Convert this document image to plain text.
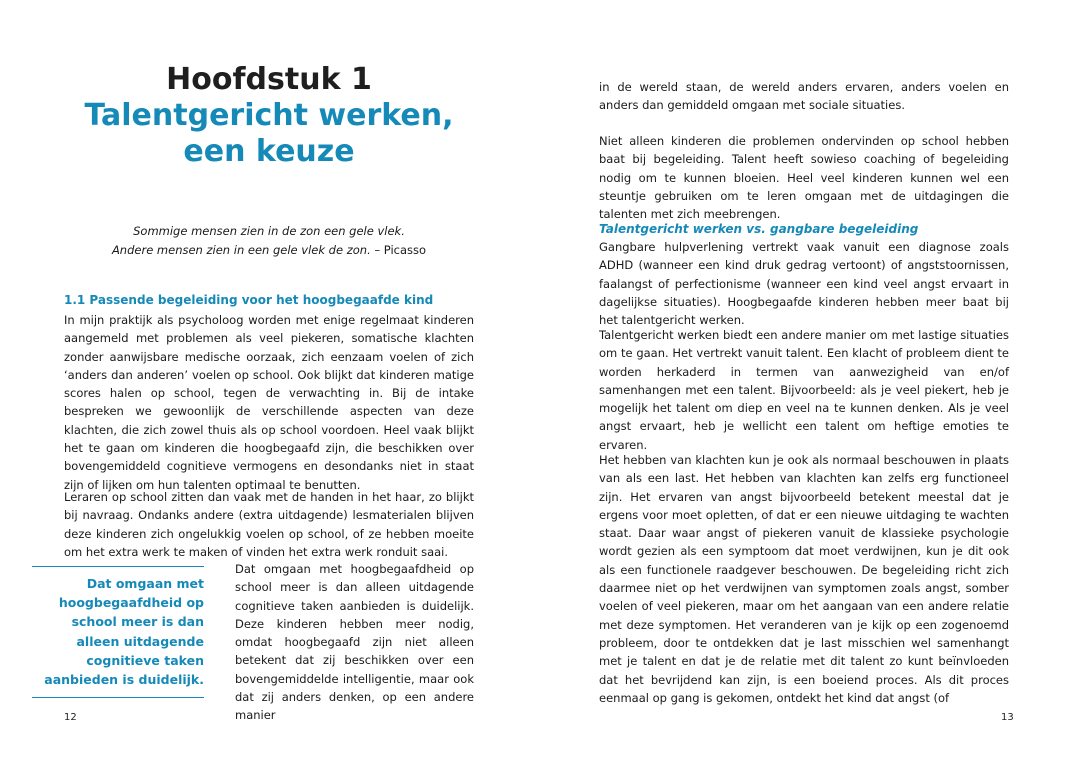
Hoofdstuk 1
Talentgericht werken, een keuze

Sommige mensen zien in de zon een gele vlek.
Andere mensen zien in een gele vlek de zon. – Picasso

1.1 Passende begeleiding voor het hoogbegaafde kind

In mijn praktijk als psycholoog worden met enige regelmaat kinderen aangemeld met problemen als veel piekeren, somatische klachten zonder aanwijsbare medische oorzaak, zich eenzaam voelen of zich ‘anders dan anderen’ voelen op school. Ook blijkt dat kinderen matige scores halen op school, tegen de verwachting in. Bij de intake bespreken we gewoonlijk de verschillende aspecten van deze klachten, die zich zowel thuis als op school voordoen. Heel vaak blijkt het te gaan om kinderen die hoogbegaafd zijn, die beschikken over bovengemiddeld cognitieve vermogens en desondanks niet in staat zijn of lijken om hun talenten optimaal te benutten.

Leraren op school zitten dan vaak met de handen in het haar, zo blijkt bij navraag. Ondanks andere (extra uitdagende) lesmaterialen blijven deze kinderen zich ongelukkig voelen op school, of ze hebben moeite om het extra werk te maken of vinden het extra werk ronduit saai.

Dat omgaan met hoogbegaafdheid op school meer is dan alleen uitdagende cognitieve taken aanbieden is duidelijk. Deze kinderen hebben meer nodig, omdat hoogbegaafd zijn niet alleen betekent dat zij beschikken over een bovengemiddelde intelligentie, maar ook dat zij anders denken, op een andere manier

Dat omgaan met hoogbegaafdheid op school meer is dan alleen uitdagende cognitieve taken aanbieden is duidelijk.

12

in de wereld staan, de wereld anders ervaren, anders voelen en anders dan gemiddeld omgaan met sociale situaties.

Niet alleen kinderen die problemen ondervinden op school hebben baat bij begeleiding. Talent heeft sowieso coaching of begeleiding nodig om te kunnen bloeien. Heel veel kinderen kunnen wel een steuntje gebruiken om te leren omgaan met de uitdagingen die talenten met zich meebrengen.

Talentgericht werken vs. gangbare begeleiding

Gangbare hulpverlening vertrekt vaak vanuit een diagnose zoals ADHD (wanneer een kind druk gedrag vertoont) of angststoornissen, faalangst of perfectionisme (wanneer een kind veel angst ervaart in dagelijkse situaties). Hoogbegaafde kinderen hebben meer baat bij het talentgericht werken.

Talentgericht werken biedt een andere manier om met lastige situaties om te gaan. Het vertrekt vanuit talent. Een klacht of probleem dient te worden herkaderd in termen van aanwezigheid van en/of samenhangen met een talent. Bijvoorbeeld: als je veel piekert, heb je mogelijk het talent om diep en veel na te kunnen denken. Als je veel angst ervaart, heb je wellicht een talent om heftige emoties te ervaren.

Het hebben van klachten kun je ook als normaal beschouwen in plaats van als een last. Het hebben van klachten kan zelfs erg functioneel zijn. Het ervaren van angst bijvoorbeeld betekent meestal dat je ergens voor moet opletten, of dat er een nieuwe uitdaging te wachten staat. Daar waar angst of piekeren vanuit de klassieke psychologie wordt gezien als een symptoom dat moet verdwijnen, kun je dit ook als een functionele raadgever beschouwen. De begeleiding richt zich daarmee niet op het verdwijnen van symptomen zoals angst, somber voelen of veel piekeren, maar om het aangaan van een andere relatie met deze symptomen. Het veranderen van je kijk op een zogenoemd probleem, door te ontdekken dat je last misschien wel samenhangt met je talent en dat je de relatie met dit talent zo kunt beïnvloeden dat het bevrijdend kan zijn, is een boeiend proces. Als dit proces eenmaal op gang is gekomen, ontdekt het kind dat angst (of

13
